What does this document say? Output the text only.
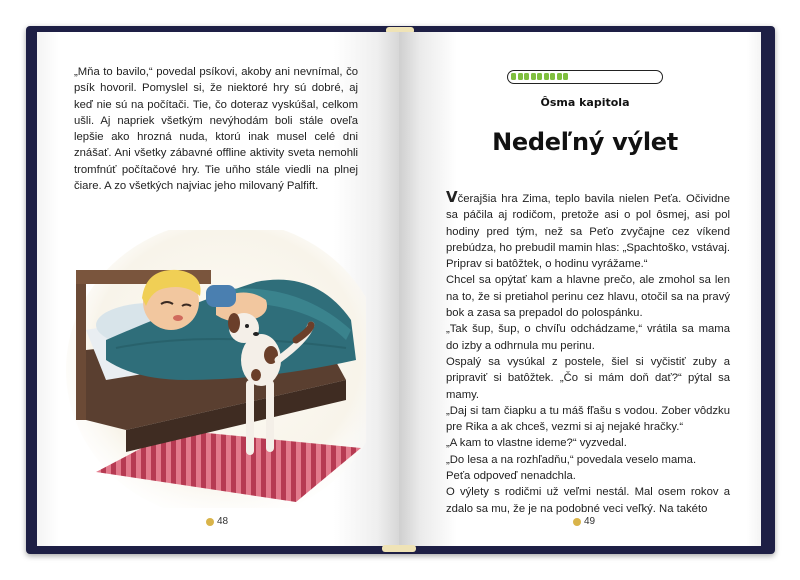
„Mňa to bavilo,“ povedal psíkovi, akoby ani nevnímal, čo psík hovoril. Pomyslel si, že niektoré hry sú dobré, aj keď nie sú na počítači. Tie, čo doteraz vyskúšal, celkom ušli. Aj napriek všetkým nevýhodám boli stále oveľa lepšie ako hrozná nuda, ktorú inak musel celé dni znášať. Ani všetky zábavné offline aktivity sveta nemohli tromfnúť počítačové hry. Tie uňho stále viedli na plnej čiare. A zo všetkých najviac jeho milovaný Palfift.

48
Ôsma kapitola
Nedeľný výlet

Včerajšia hra Zima, teplo bavila nielen Peťa. Očividne sa páčila aj rodičom, pretože asi o pol ôsmej, asi pol hodiny pred tým, než sa Peťo zvyčajne cez víkend prebúdza, ho prebudil mamin hlas: „Spachtoško, vstávaj. Priprav si batôžtek, o hodinu vyrážame.“

Chcel sa opýtať kam a hlavne prečo, ale zmohol sa len na to, že si pretiahol perinu cez hlavu, otočil sa na pravý bok a zasa sa prepadol do polospánku.

„Tak šup, šup, o chvíľu odchádzame,“ vrátila sa mama do izby a odhrnula mu perinu.

Ospalý sa vysúkal z postele, šiel si vyčistiť zuby a pripraviť si batôžtek. „Čo si mám doň dať?“ pýtal sa mamy.

„Daj si tam čiapku a tu máš fľašu s vodou. Zober vôdzku pre Rika a ak chceš, vezmi si aj nejaké hračky.“

„A kam to vlastne ideme?“ vyzvedal.

„Do lesa a na rozhľadňu,“ povedala veselo mama.

Peťa odpoveď nenadchla.

O výlety s rodičmi už veľmi nestál. Mal osem rokov a zdalo sa mu, že je na podobné veci veľký. Na takéto

49
